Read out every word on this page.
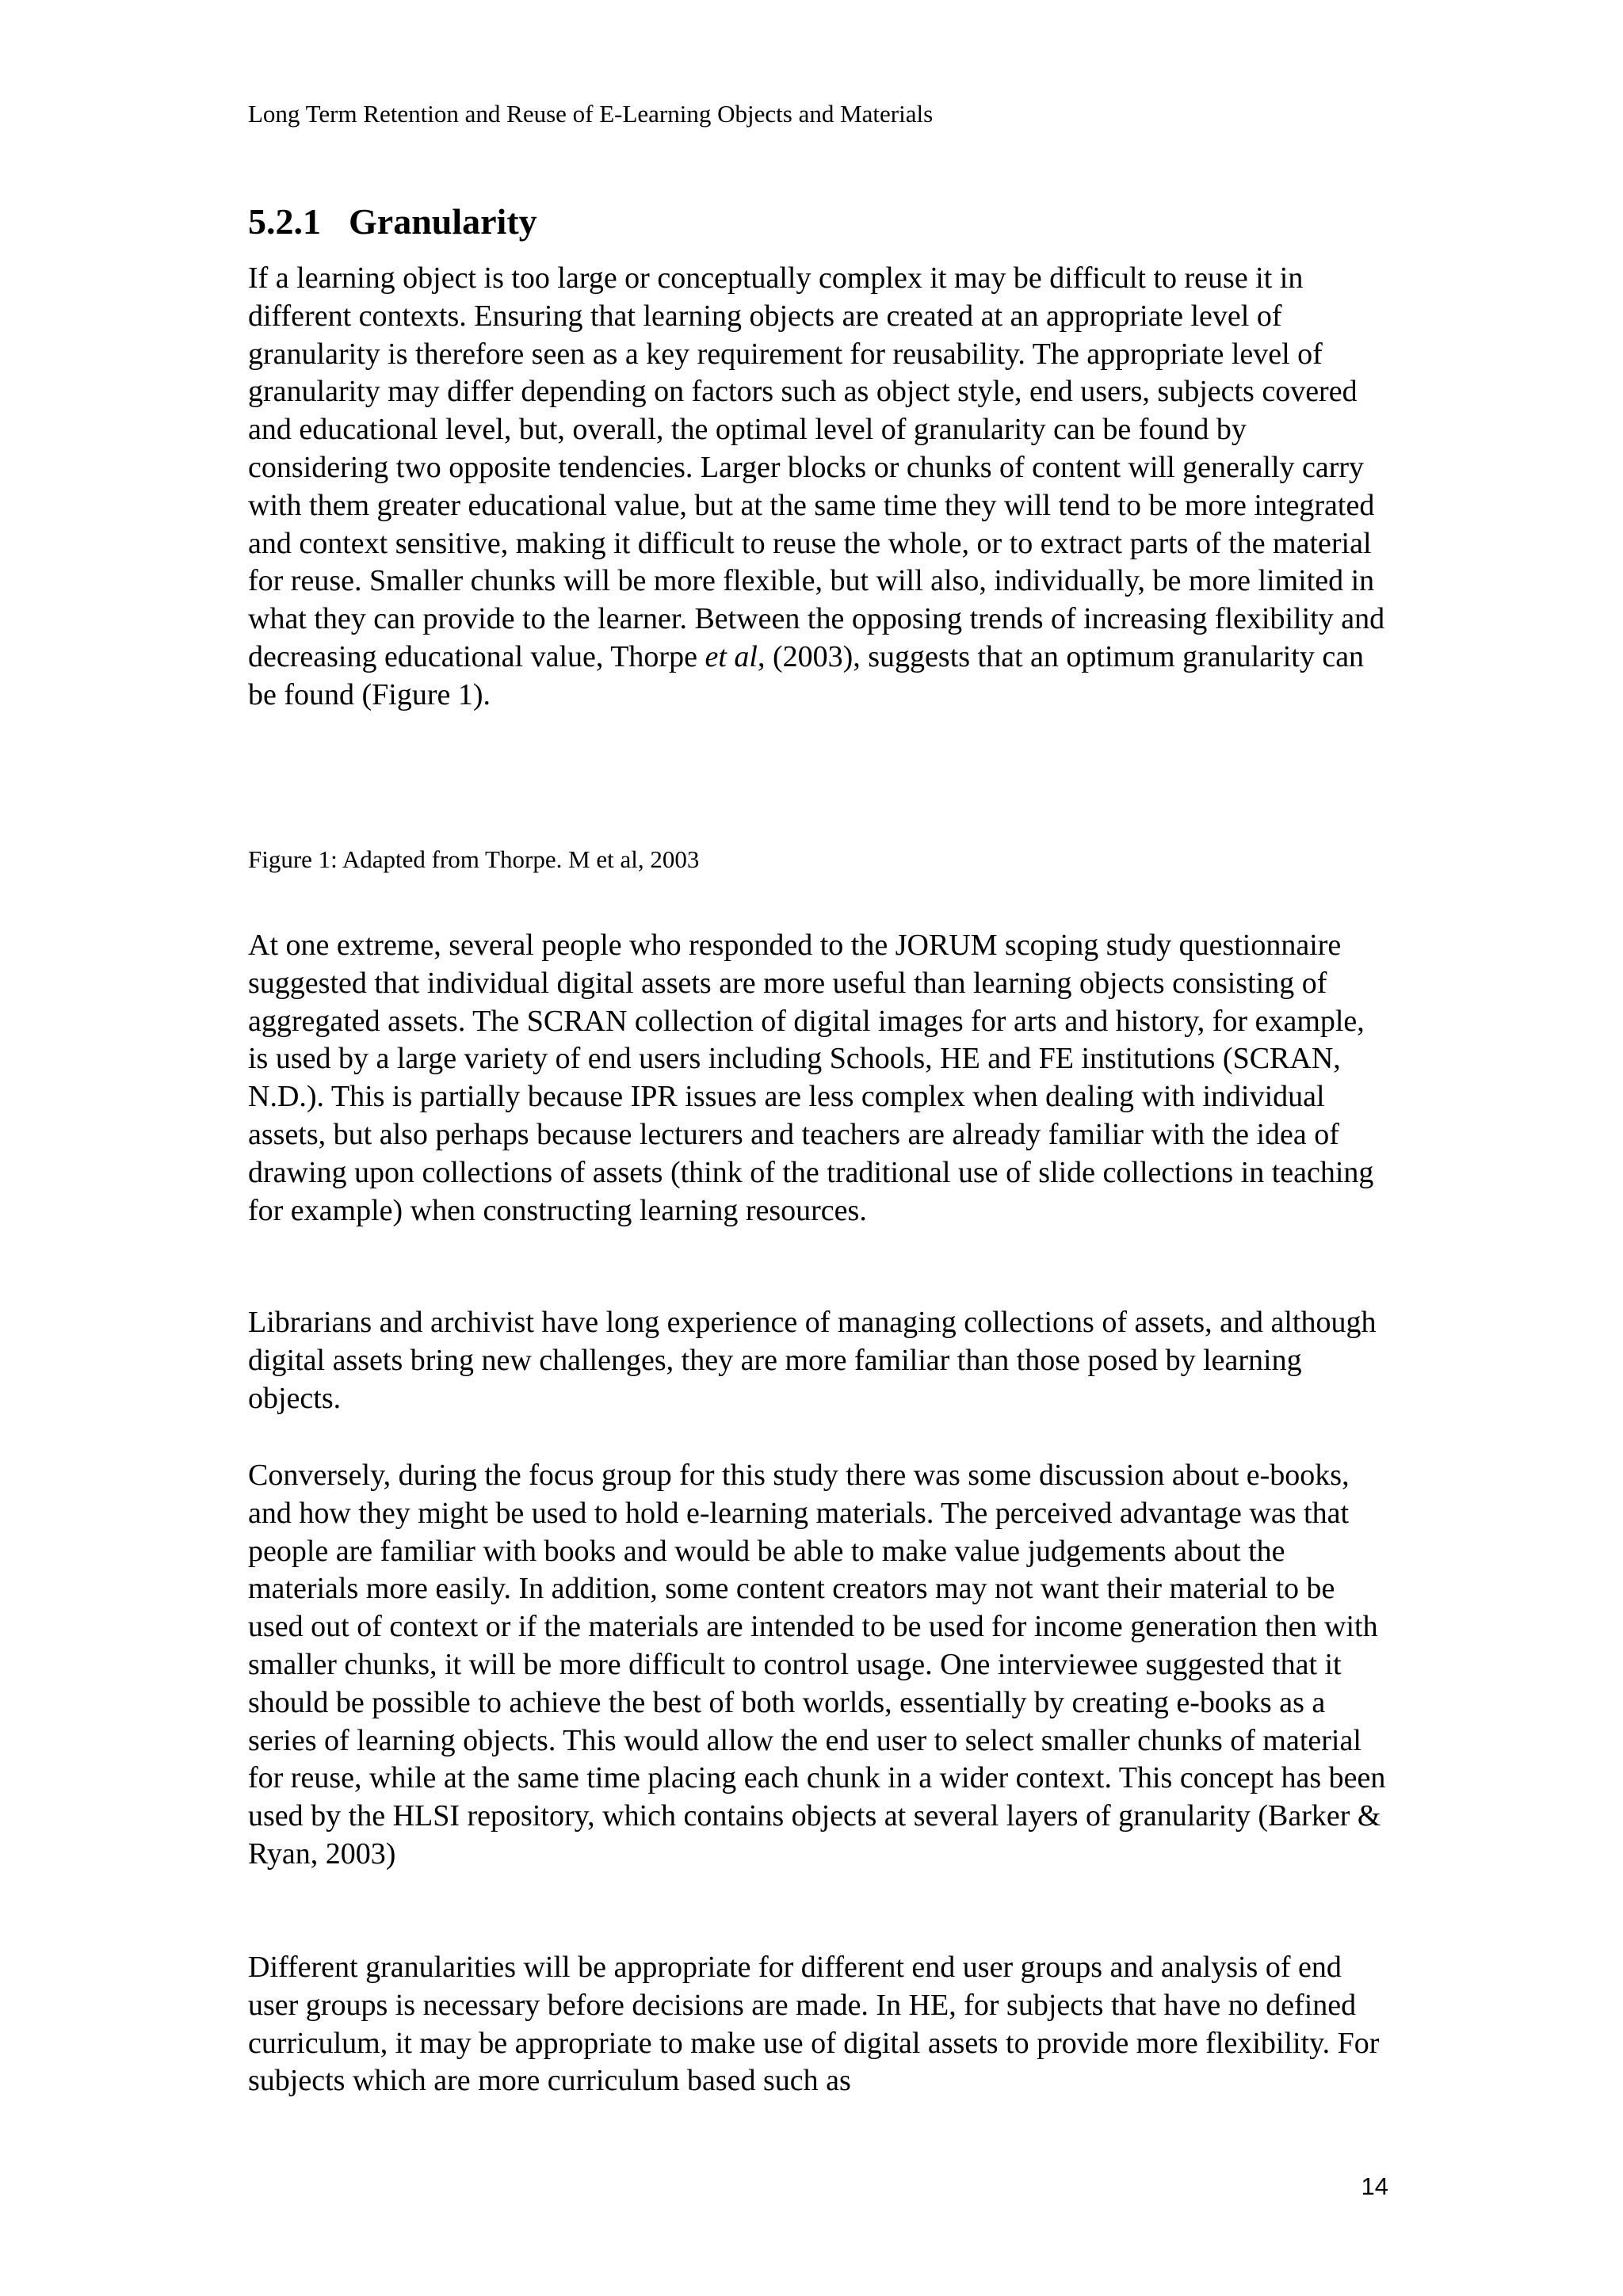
Long Term Retention and Reuse of E-Learning Objects and Materials
5.2.1 Granularity

If a learning object is too large or conceptually complex it may be difficult to reuse it in different contexts. Ensuring that learning objects are created at an appropriate level of granularity is therefore seen as a key requirement for reusability. The appropriate level of granularity may differ depending on factors such as object style, end users, subjects covered and educational level, but, overall, the optimal level of granularity can be found by considering two opposite tendencies. Larger blocks or chunks of content will generally carry with them greater educational value, but at the same time they will tend to be more integrated and context sensitive, making it difficult to reuse the whole, or to extract parts of the material for reuse. Smaller chunks will be more flexible, but will also, individually, be more limited in what they can provide to the learner. Between the opposing trends of increasing flexibility and decreasing educational value, Thorpe et al, (2003), suggests that an optimum granularity can be found (Figure 1).

Figure 1: Adapted from Thorpe. M et al, 2003

At one extreme, several people who responded to the JORUM scoping study questionnaire suggested that individual digital assets are more useful than learning objects consisting of aggregated assets. The SCRAN collection of digital images for arts and history, for example, is used by a large variety of end users including Schools, HE and FE institutions (SCRAN, N.D.). This is partially because IPR issues are less complex when dealing with individual assets, but also perhaps because lecturers and teachers are already familiar with the idea of drawing upon collections of assets (think of the traditional use of slide collections in teaching for example) when constructing learning resources.

Librarians and archivist have long experience of managing collections of assets, and although digital assets bring new challenges, they are more familiar than those posed by learning objects.

Conversely, during the focus group for this study there was some discussion about e-books, and how they might be used to hold e-learning materials. The perceived advantage was that people are familiar with books and would be able to make value judgements about the materials more easily. In addition, some content creators may not want their material to be used out of context or if the materials are intended to be used for income generation then with smaller chunks, it will be more difficult to control usage. One interviewee suggested that it should be possible to achieve the best of both worlds, essentially by creating e-books as a series of learning objects. This would allow the end user to select smaller chunks of material for reuse, while at the same time placing each chunk in a wider context. This concept has been used by the HLSI repository, which contains objects at several layers of granularity (Barker & Ryan, 2003)

Different granularities will be appropriate for different end user groups and analysis of end user groups is necessary before decisions are made. In HE, for subjects that have no defined curriculum, it may be appropriate to make use of digital assets to provide more flexibility. For subjects which are more curriculum based such as

14
